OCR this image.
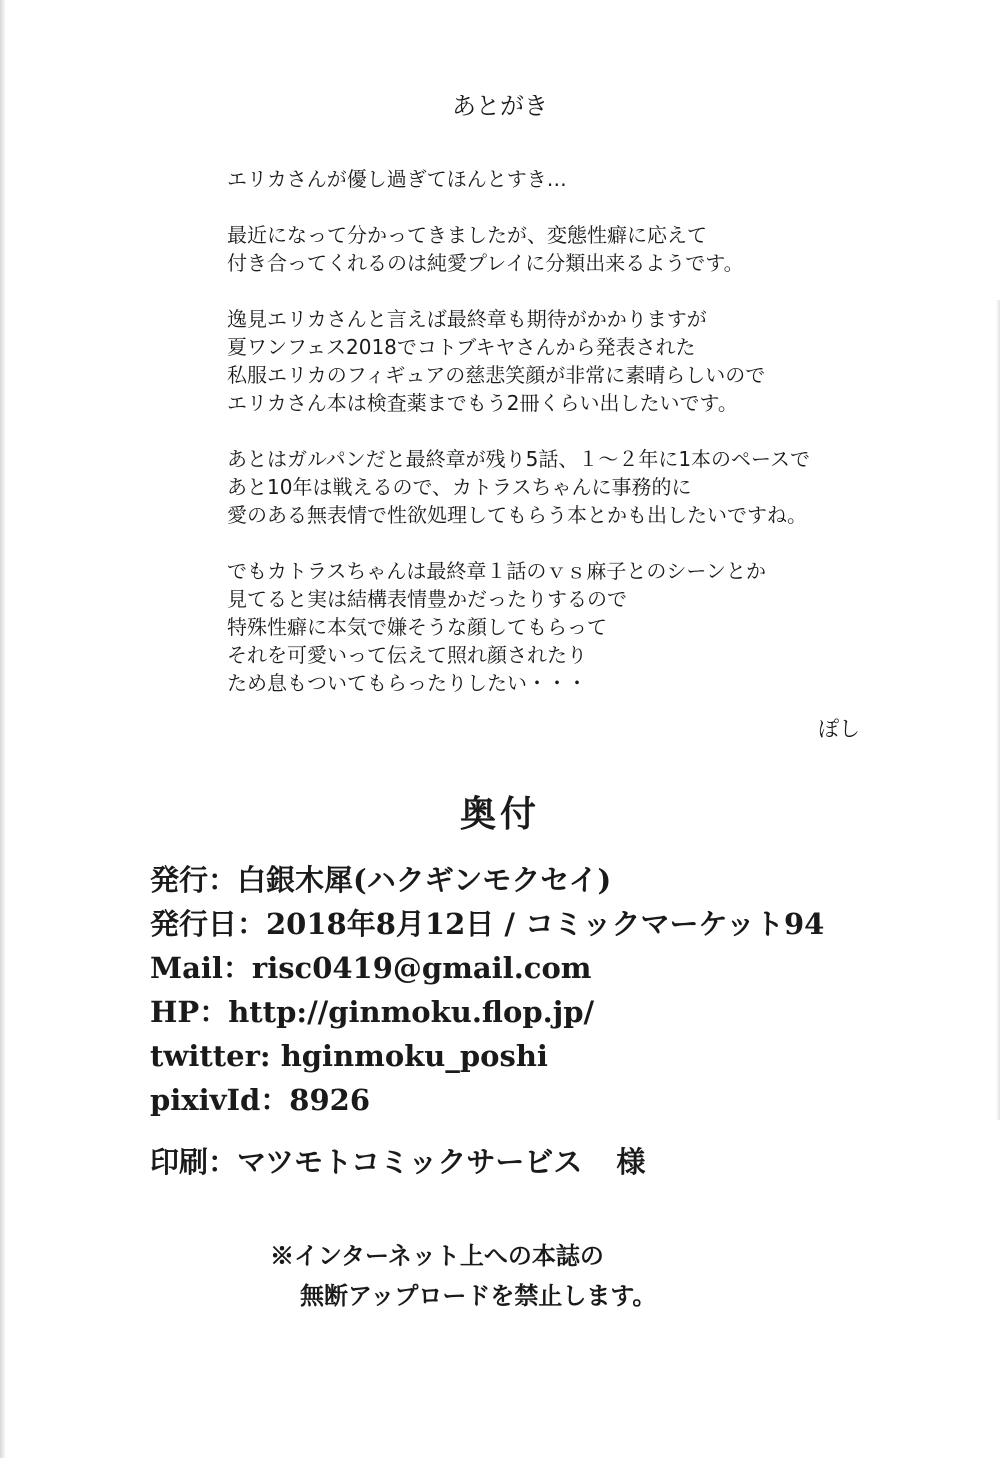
あとがき
エリカさんが優し過ぎてほんとすき…
最近になって分かってきましたが、変態性癖に応えて
付き合ってくれるのは純愛プレイに分類出来るようです。
逸見エリカさんと言えば最終章も期待がかかりますが
夏ワンフェス2018でコトブキヤさんから発表された
私服エリカのフィギュアの慈悲笑顔が非常に素晴らしいので
エリカさん本は検査薬までもう2冊くらい出したいです。
あとはガルパンだと最終章が残り5話、１～２年に1本のペースで
あと10年は戦えるので、カトラスちゃんに事務的に
愛のある無表情で性欲処理してもらう本とかも出したいですね。
でもカトラスちゃんは最終章１話のｖｓ麻子とのシーンとか
見てると実は結構表情豊かだったりするので
特殊性癖に本気で嫌そうな顔してもらって
それを可愛いって伝えて照れ顔されたり
ため息もついてもらったりしたい・・・
ぽし
奥付
発行：白銀木犀(ハクギンモクセイ)
発行日：2018年8月12日 / コミックマーケット94
Mail：risc0419@gmail.com
HP：http://ginmoku.flop.jp/
twitter: hginmoku_poshi
pixivId：8926
印刷：マツモトコミックサービス 様
※インターネット上への本誌の
無断アップロードを禁止します。
